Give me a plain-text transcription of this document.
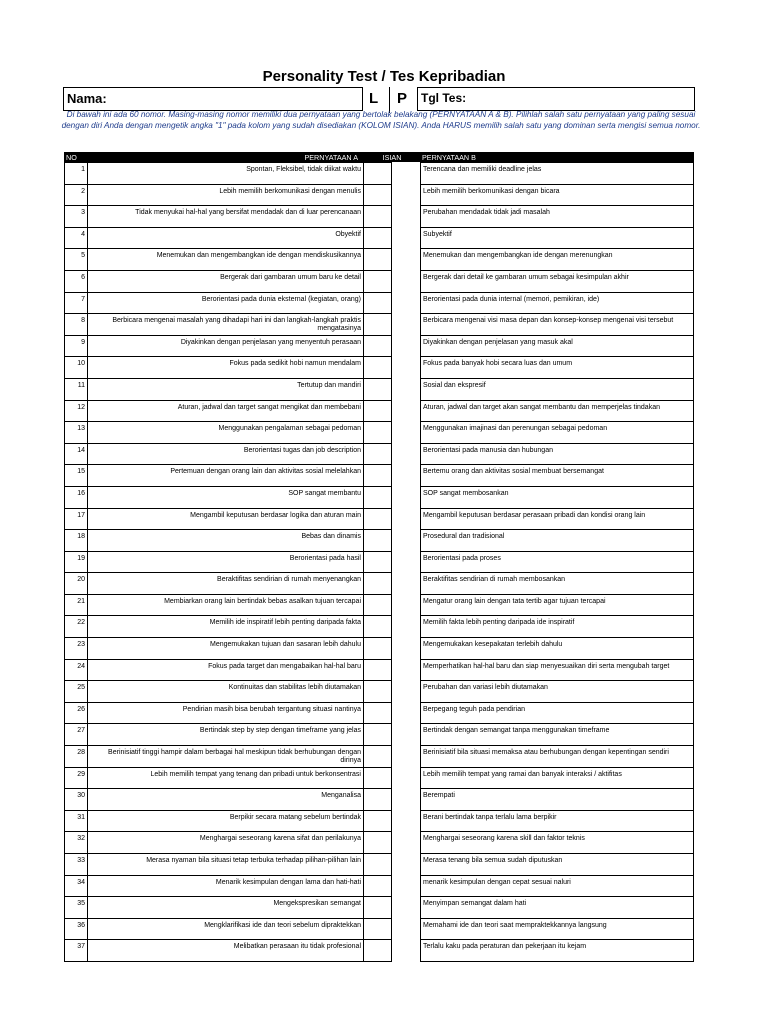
Personality Test / Tes Kepribadian
Nama:	L P Tgl Tes:
Di bawah ini ada 60 nomor. Masing-masing nomor memiliki dua pernyataan yang bertolak belakang (PERNYATAAN A & B). Pilihlah salah satu pernyataan yang paling sesuai dengan diri Anda dengan mengetik angka "1" pada kolom yang sudah disediakan (KOLOM ISIAN). Anda HARUS memilih salah satu yang dominan serta mengisi semua nomor.
NO	PERNYATAAN A	ISIAN		PERNYATAAN B

1	Spontan, Fleksibel, tidak diikat waktu			Terencana dan memiliki deadline jelas

2	Lebih memilih berkomunikasi dengan menulis			Lebih memilih berkomunikasi dengan bicara

3	Tidak menyukai hal-hal yang bersifat mendadak dan di luar perencanaan			Perubahan mendadak tidak jadi masalah

4	Obyektif			Subyektif

5	Menemukan dan mengembangkan ide dengan mendiskusikannya			Menemukan dan mengembangkan ide dengan merenungkan

6	Bergerak dari gambaran umum baru ke detail			Bergerak dari detail ke gambaran umum sebagai kesimpulan akhir

7	Berorientasi pada dunia eksternal (kegiatan, orang)			Berorientasi pada dunia internal (memori, pemikiran, ide)

8	Berbicara mengenai masalah yang dihadapi hari ini dan langkah-langkah praktis mengatasinya			Berbicara mengenai visi masa depan dan konsep-konsep mengenai visi tersebut

9	Diyakinkan dengan penjelasan yang menyentuh perasaan			Diyakinkan dengan penjelasan yang masuk akal

10	Fokus pada sedikit hobi namun mendalam			Fokus pada banyak hobi secara luas dan umum

11	Tertutup dan mandiri			Sosial dan ekspresif

12	Aturan, jadwal dan target sangat mengikat dan membebani			Aturan, jadwal dan target akan sangat membantu dan memperjelas tindakan

13	Menggunakan pengalaman sebagai pedoman			Menggunakan imajinasi dan perenungan sebagai pedoman

14	Berorientasi tugas dan job description			Berorientasi pada manusia dan hubungan

15	Pertemuan dengan orang lain dan aktivitas sosial melelahkan			Bertemu orang dan aktivitas sosial membuat bersemangat

16	SOP sangat membantu			SOP sangat membosankan

17	Mengambil keputusan berdasar logika dan aturan main			Mengambil keputusan berdasar perasaan pribadi dan kondisi orang lain

18	Bebas dan dinamis			Prosedural dan tradisional

19	Berorientasi pada hasil			Berorientasi pada proses

20	Beraktifitas sendirian di rumah menyenangkan			Beraktifitas sendirian di rumah membosankan

21	Membiarkan orang lain bertindak bebas asalkan tujuan tercapai			Mengatur orang lain dengan tata tertib agar tujuan tercapai

22	Memilih ide inspiratif lebih penting daripada fakta			Memilih fakta lebih penting daripada ide inspiratif

23	Mengemukakan tujuan dan sasaran lebih dahulu			Mengemukakan kesepakatan terlebih dahulu

24	Fokus pada target dan mengabaikan hal-hal baru			Memperhatikan hal-hal baru dan siap menyesuaikan diri serta mengubah target

25	Kontinuitas dan stabilitas lebih diutamakan			Perubahan dan variasi lebih diutamakan

26	Pendirian masih bisa berubah tergantung situasi nantinya			Berpegang teguh pada pendirian

27	Bertindak step by step dengan timeframe yang jelas			Bertindak dengan semangat tanpa menggunakan timeframe

28	Berinisiatif tinggi hampir dalam berbagai hal meskipun tidak berhubungan dengan dirinya			Berinisiatif bila situasi memaksa atau berhubungan dengan kepentingan sendiri

29	Lebih memilih tempat yang tenang dan pribadi untuk berkonsentrasi			Lebih memilih tempat yang ramai dan banyak interaksi / aktifitas

30	Menganalisa			Berempati

31	Berpikir secara matang sebelum bertindak			Berani bertindak tanpa terlalu lama berpikir

32	Menghargai seseorang karena sifat dan perilakunya			Menghargai seseorang karena skill dan faktor teknis

33	Merasa nyaman bila situasi tetap terbuka terhadap pilihan-pilihan lain			Merasa tenang bila semua sudah diputuskan

34	Menarik kesimpulan dengan lama dan hati-hati			menarik kesimpulan dengan cepat sesuai naluri

35	Mengekspresikan semangat			Menyimpan semangat dalam hati

36	Mengklarifikasi ide dan teori sebelum dipraktekkan			Memahami ide dan teori saat mempraktekkannya langsung

37	Melibatkan perasaan itu tidak profesional			Terlalu kaku pada peraturan dan pekerjaan itu kejam
